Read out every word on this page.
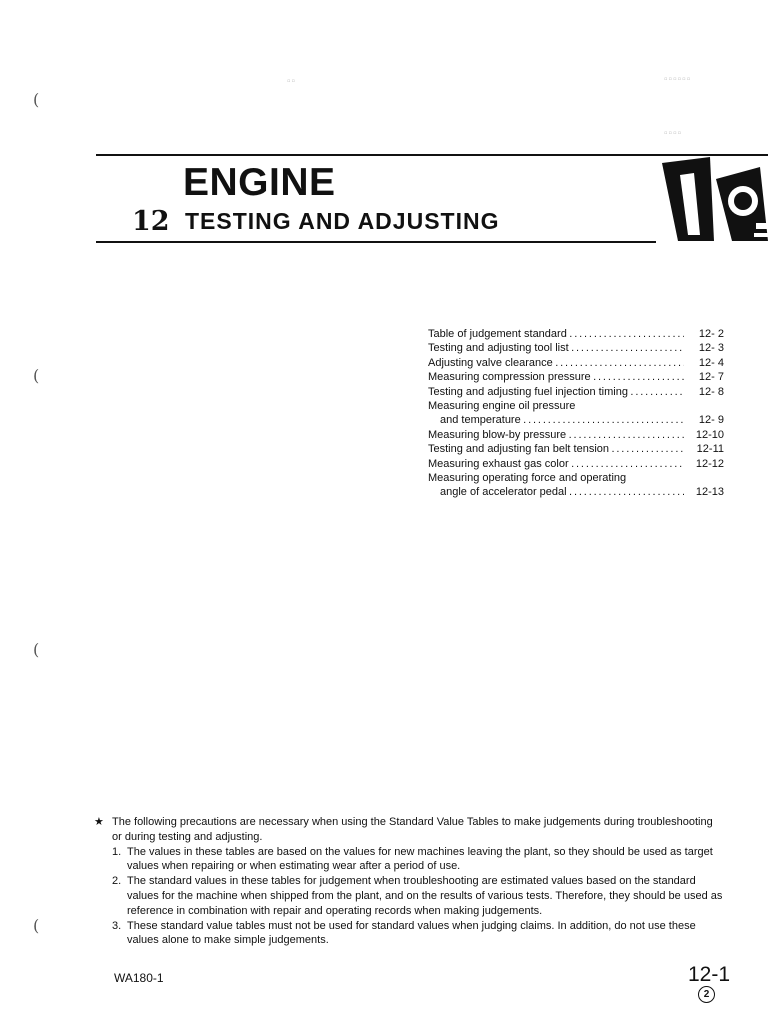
▫▫	▫▫▫▫▫▫
▫▫▫▫
(
(
(
(
ENGINE
12 TESTING AND ADJUSTING
Table of judgement standard . . .	12- 2
Testing and adjusting tool list . . .	12- 3
Adjusting valve clearance . . .	12- 4
Measuring compression pressure . . .	12- 7
Testing and adjusting fuel injection timing . . .	12- 8
Measuring engine oil pressure
and temperature . . .	12- 9
Measuring blow-by pressure . . .	12-10
Testing and adjusting fan belt tension . . .	12-11
Measuring exhaust gas color . . .	12-12
Measuring operating force and operating
angle of accelerator pedal . . .	12-13
★ The following precautions are necessary when using the Standard Value Tables to make judgements during troubleshooting or during testing and adjusting.

1. The values in these tables are based on the values for new machines leaving the plant, so they should be used as target values when repairing or when estimating wear after a period of use.
2. The standard values in these tables for judgement when troubleshooting are estimated values based on the standard values for the machine when shipped from the plant, and on the results of various tests. Therefore, they should be used as reference in combination with repair and operating records when making judgements.
3. These standard value tables must not be used for standard values when judging claims. In addition, do not use these values alone to make simple judgements.
WA180-1	12-1
2
